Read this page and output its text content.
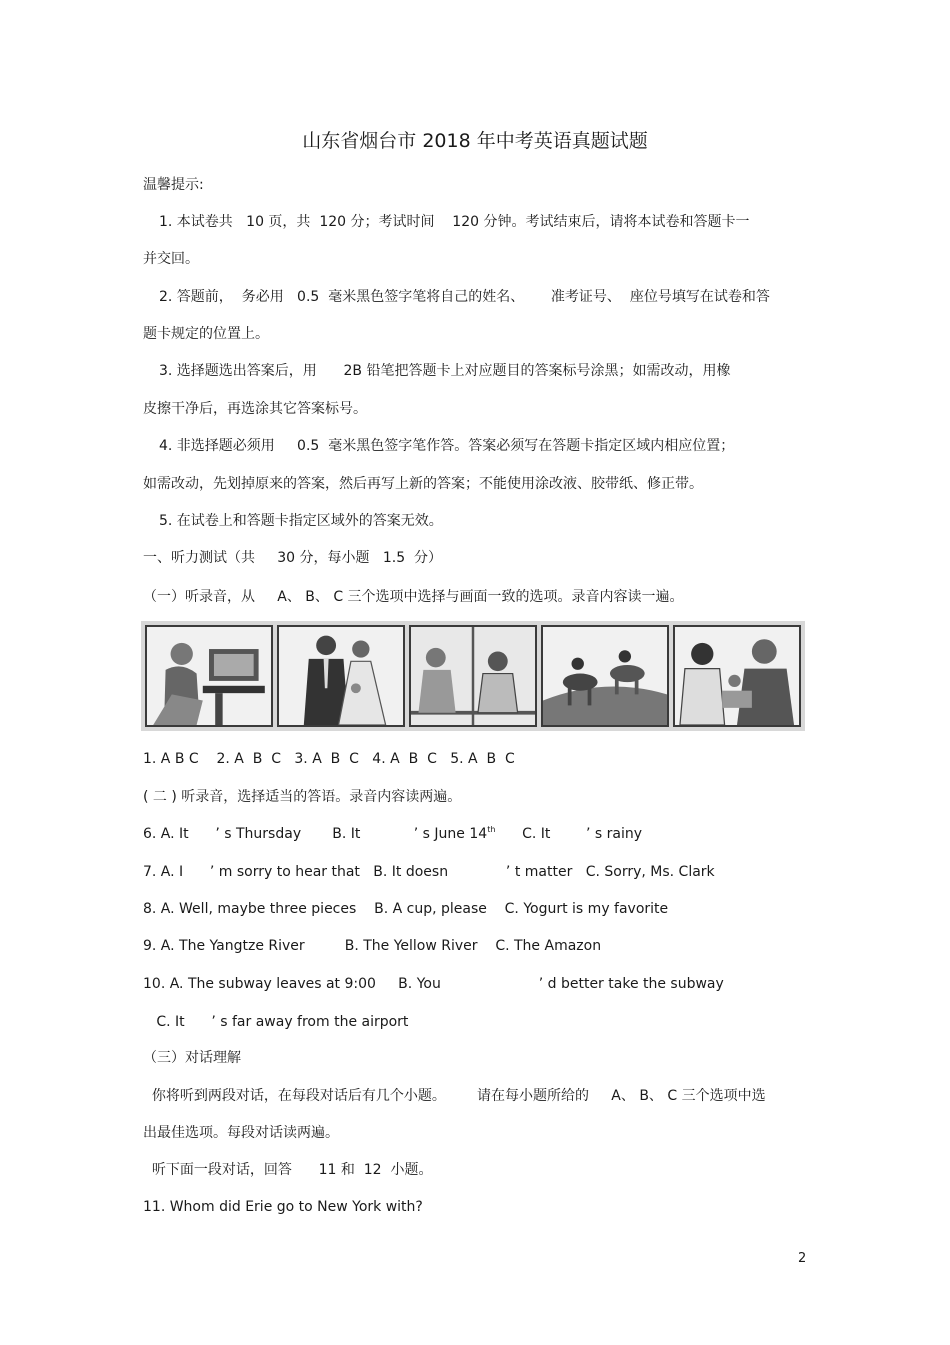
山东省烟台市 2018 年中考英语真题试题
温馨提示:
1. 本试卷共   10 页，共  120 分；考试时间    120 分钟。考试结束后，请将本试卷和答题卡一
并交回。
2. 答题前，  务必用   0.5  毫米黑色签字笔将自己的姓名、      准考证号、  座位号填写在试卷和答
题卡规定的位置上。
3. 选择题选出答案后，用      2B 铅笔把答题卡上对应题目的答案标号涂黑；如需改动，用橡
皮擦干净后，再选涂其它答案标号。
4. 非选择题必须用     0.5  毫米黑色签字笔作答。答案必须写在答题卡指定区域内相应位置；
如需改动，先划掉原来的答案，然后再写上新的答案；不能使用涂改液、胶带纸、修正带。
5. 在试卷上和答题卡指定区域外的答案无效。
一、听力测试（共     30 分，每小题   1.5  分）
（一）听录音，从     A、 B、 C 三个选项中选择与画面一致的选项。录音内容读一遍。
1. A B C    2. A  B  C   3. A  B  C   4. A  B  C   5. A  B  C
( 二 ) 听录音，选择适当的答语。录音内容读两遍。
6. A. It      ’ s Thursday       B. It            ’ s June 14th      C. It        ’ s rainy
7. A. I      ’ m sorry to hear that   B. It doesn             ’ t matter   C. Sorry, Ms. Clark
8. A. Well, maybe three pieces    B. A cup, please    C. Yogurt is my favorite
9. A. The Yangtze River         B. The Yellow River    C. The Amazon
10. A. The subway leaves at 9:00     B. You                      ’ d better take the subway
C. It      ’ s far away from the airport
（三）对话理解
你将听到两段对话，在每段对话后有几个小题。       请在每小题所给的     A、 B、 C 三个选项中选
出最佳选项。每段对话读两遍。
听下面一段对话，回答      11 和  12  小题。
11. Whom did Erie go to New York with?
2
